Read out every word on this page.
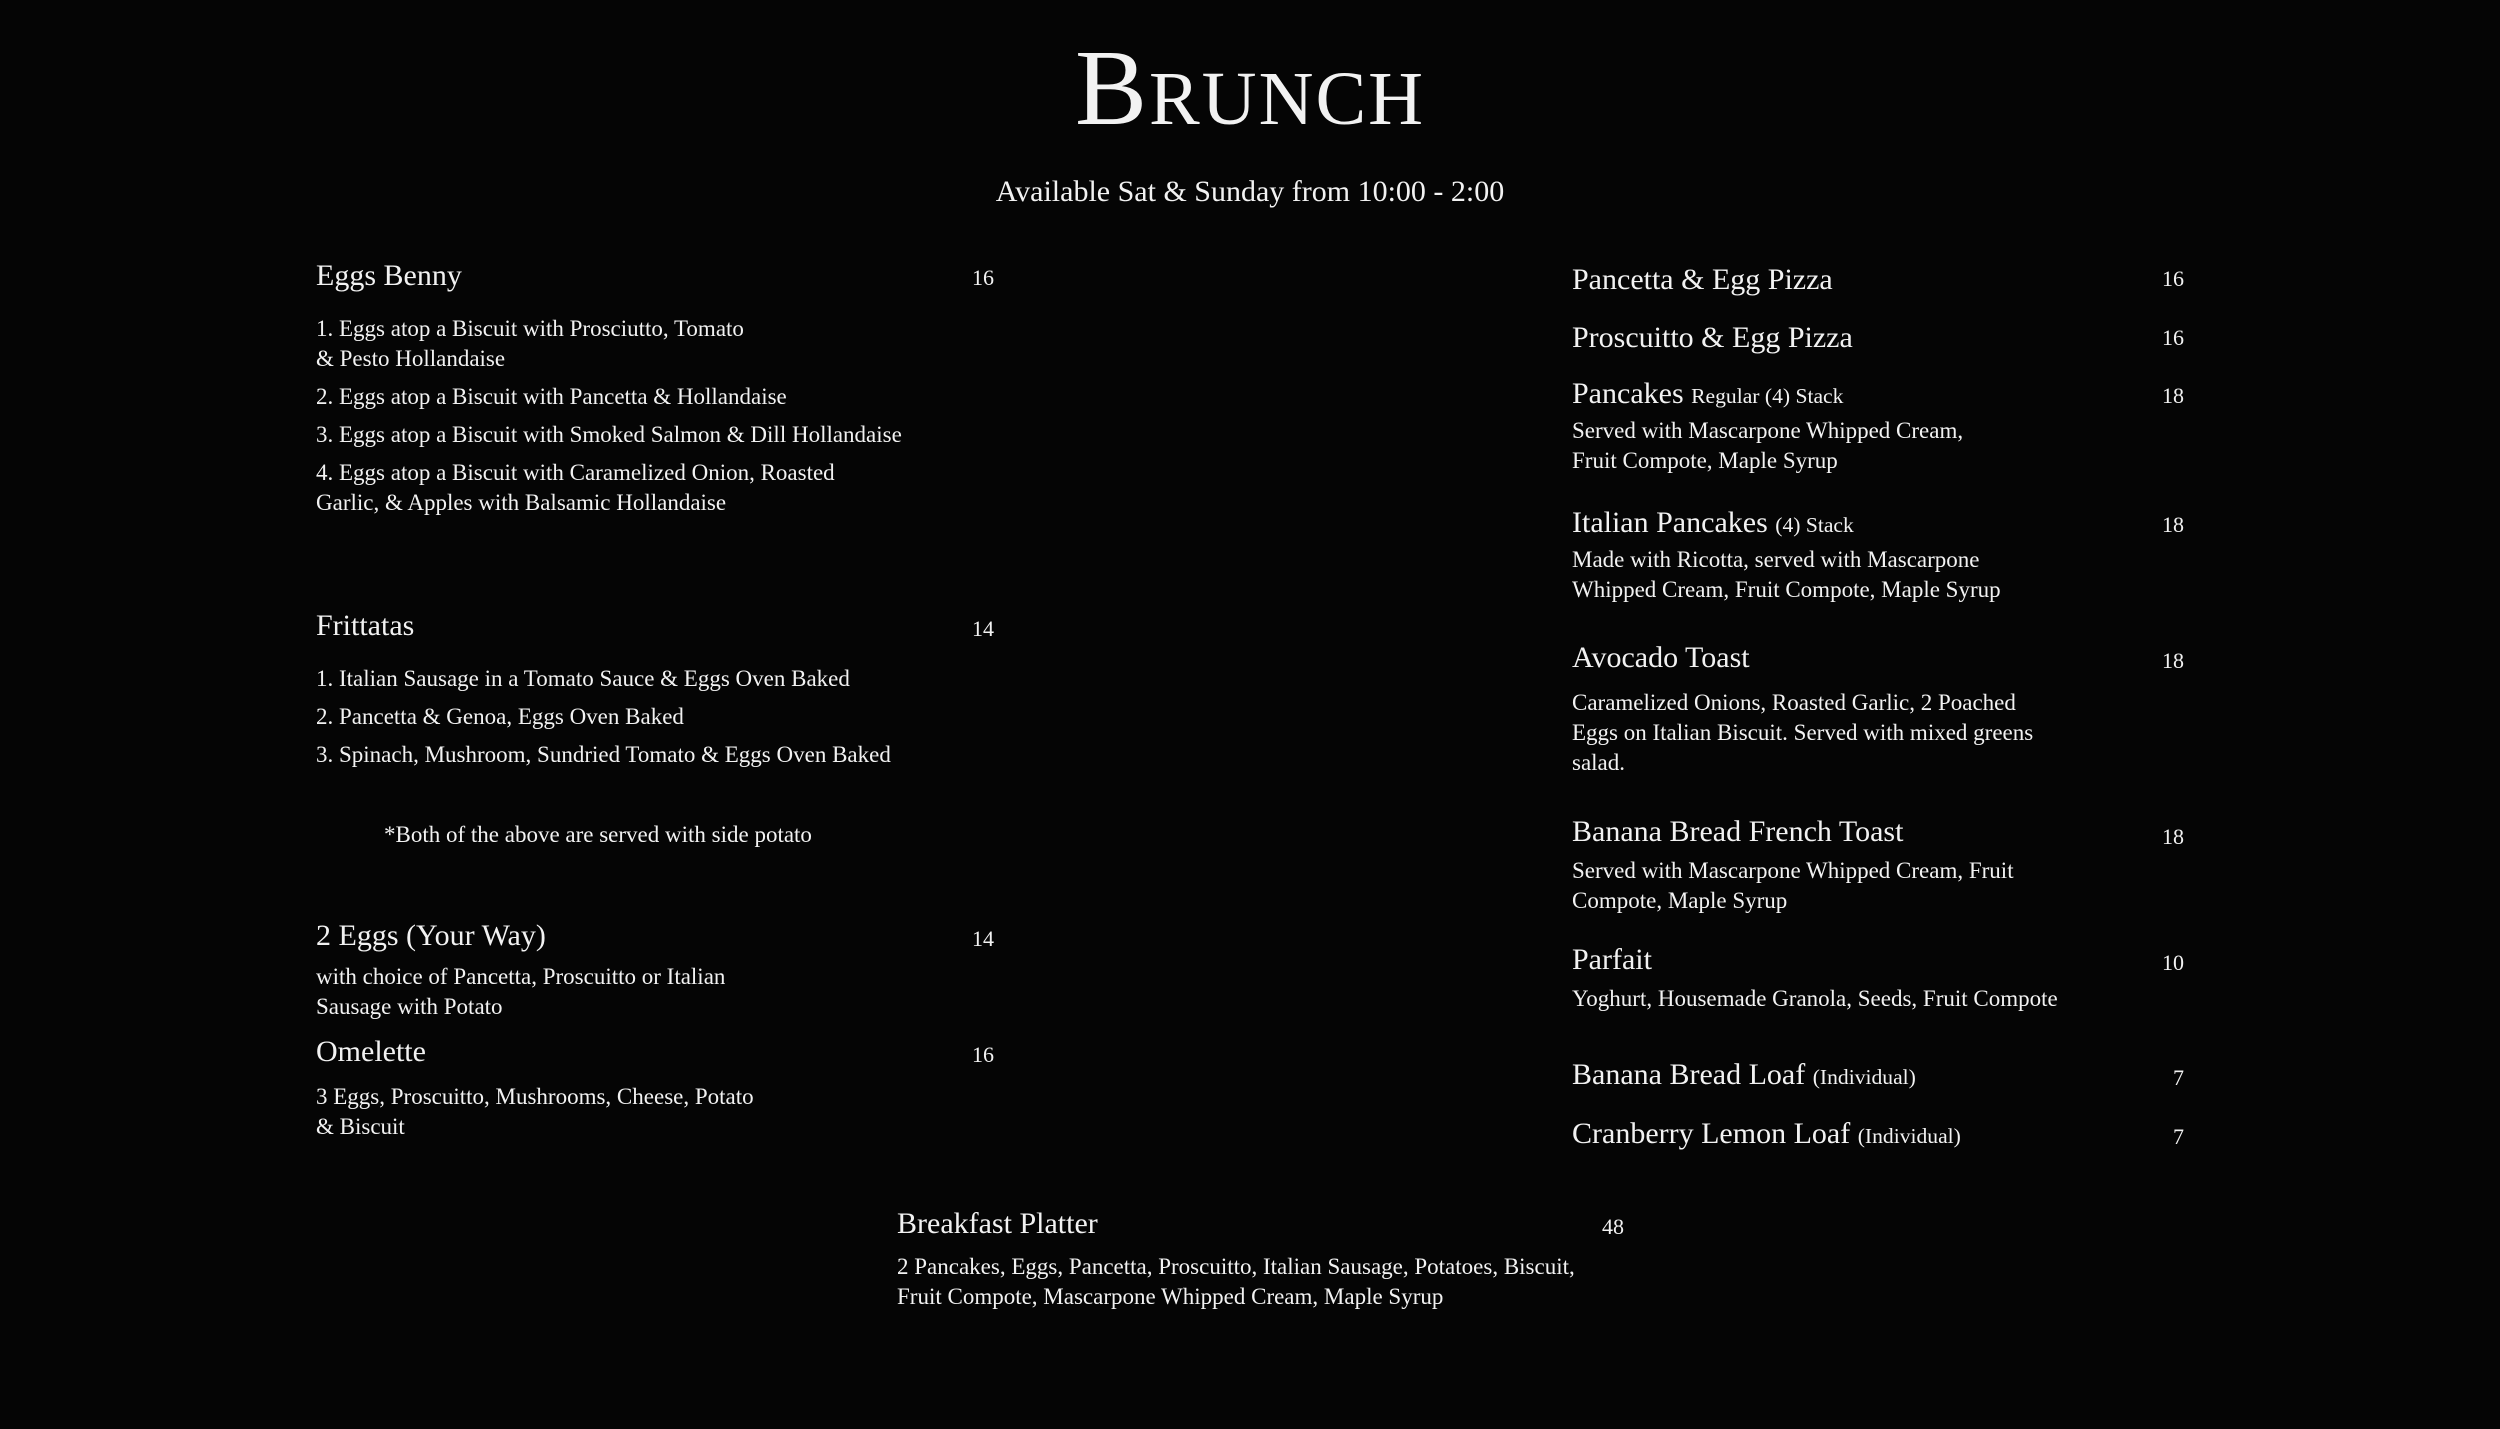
Brunch
Available Sat & Sunday from 10:00 - 2:00
Eggs Benny
1. Eggs atop a Biscuit with Prosciutto, Tomato
& Pesto Hollandaise
2. Eggs atop a Biscuit with Pancetta & Hollandaise
3. Eggs atop a Biscuit with Smoked Salmon & Dill Hollandaise
4. Eggs atop a Biscuit with Caramelized Onion, Roasted
Garlic, & Apples with Balsamic Hollandaise
16
Frittatas
1. Italian Sausage in a Tomato Sauce & Eggs Oven Baked
2. Pancetta & Genoa, Eggs Oven Baked
3. Spinach, Mushroom, Sundried Tomato & Eggs Oven Baked
14
*Both of the above are served with side potato
2 Eggs (Your Way)
with choice of Pancetta, Proscuitto or Italian
Sausage with Potato
14
Omelette
3 Eggs, Proscuitto, Mushrooms, Cheese, Potato
& Biscuit
16
Pancetta & Egg Pizza	16
Proscuitto & Egg Pizza	16
Pancakes Regular (4) Stack
Served with Mascarpone Whipped Cream,
Fruit Compote, Maple Syrup
18
Italian Pancakes (4) Stack
Made with Ricotta, served with Mascarpone
Whipped Cream, Fruit Compote, Maple Syrup
18
Avocado Toast
Caramelized Onions, Roasted Garlic, 2 Poached
Eggs on Italian Biscuit. Served with mixed greens
salad.
18
Banana Bread French Toast
Served with Mascarpone Whipped Cream, Fruit
Compote, Maple Syrup
18
Parfait
Yoghurt, Housemade Granola, Seeds, Fruit Compote
10
Banana Bread Loaf (Individual)	7
Cranberry Lemon Loaf (Individual)	7
Breakfast Platter
2 Pancakes, Eggs, Pancetta, Proscuitto, Italian Sausage, Potatoes, Biscuit,
Fruit Compote, Mascarpone Whipped Cream, Maple Syrup
48
